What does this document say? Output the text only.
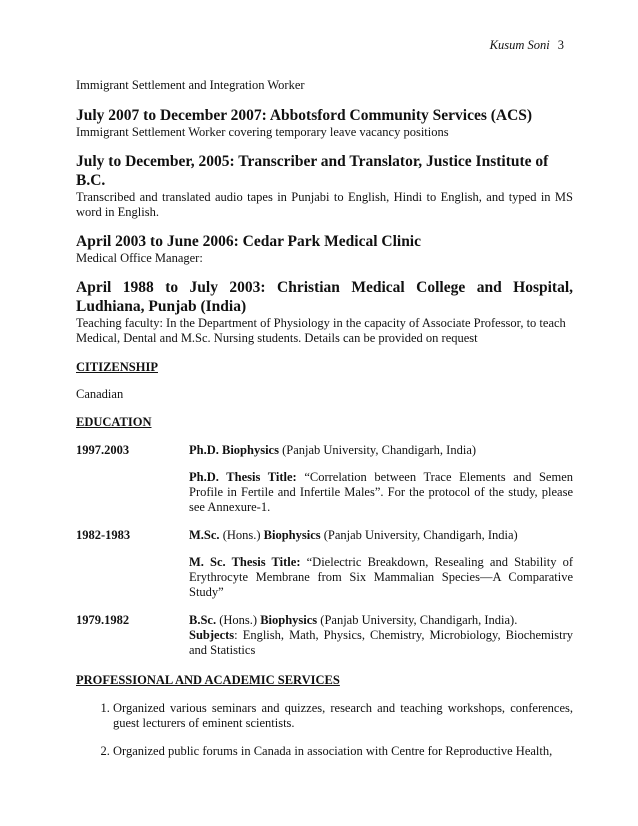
Kusum Soni 3

Immigrant Settlement and Integration Worker

July 2007 to December 2007: Abbotsford Community Services (ACS)

Immigrant Settlement Worker covering temporary leave vacancy positions

July to December, 2005: Transcriber and Translator, Justice Institute of B.C.

Transcribed and translated audio tapes in Punjabi to English, Hindi to English, and typed in MS word in English.

April 2003 to June 2006: Cedar Park Medical Clinic

Medical Office Manager:

April 1988 to July 2003: Christian Medical College and Hospital, Ludhiana, Punjab (India)

Teaching faculty: In the Department of Physiology in the capacity of Associate Professor, to teach Medical, Dental and M.Sc. Nursing students. Details can be provided on request

CITIZENSHIP

Canadian

EDUCATION

1997.2003	Ph.D. Biophysics (Panjab University, Chandigarh, India)
Ph.D. Thesis Title: “Correlation between Trace Elements and Semen Profile in Fertile and Infertile Males”. For the protocol of the study, please see Annexure-1.
1982-1983	M.Sc. (Hons.) Biophysics (Panjab University, Chandigarh, India)
M. Sc. Thesis Title: “Dielectric Breakdown, Resealing and Stability of Erythrocyte Membrane from Six Mammalian Species—A Comparative Study”
1979.1982	B.Sc. (Hons.) Biophysics (Panjab University, Chandigarh, India).
Subjects: English, Math, Physics, Chemistry, Microbiology, Biochemistry and Statistics

PROFESSIONAL AND ACADEMIC SERVICES

1. Organized various seminars and quizzes, research and teaching workshops, conferences, guest lecturers of eminent scientists.
2. Organized public forums in Canada in association with Centre for Reproductive Health,
